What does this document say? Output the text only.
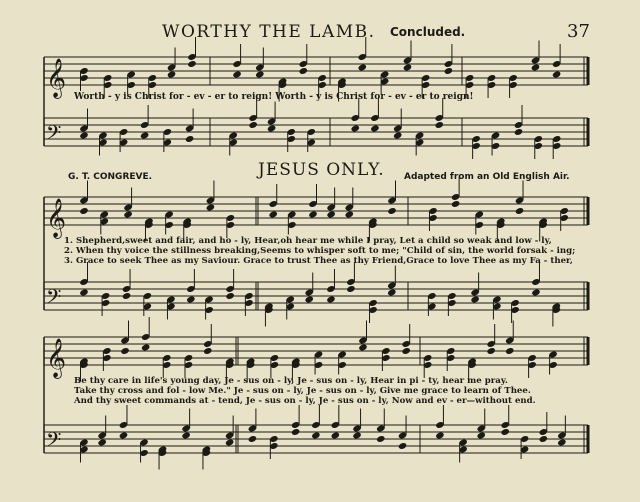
𝄞
𝄢
𝄞
𝄢
𝄞
𝄢
WORTHY THE LAMB. Concluded.	37
Worth - y is Christ for - ev - er to reign! Worth - y is Christ for - ev - er to reign!
JESUS ONLY.
G. T. CONGREVE.	Adapted from an Old English Air.
1. Shepherd,sweet and fair, and ho - ly, Hear,oh hear me while I pray, Let a child so weak and low - ly,
2. When thy voice the stillness breaking,Seems to whisper soft to me; "Child of sin, the world forsak - ing;
3. Grace to seek Thee as my Saviour. Grace to trust Thee as thy Friend,Grace to love Thee as my Fa - ther,
Be thy care in life's young day, Je - sus on - ly, Je - sus on - ly, Hear in pi - ty, hear me pray.
Take thy cross and fol - low Me." Je - sus on - ly, Je - sus on - ly, Give me grace to learn of Thee.
And thy sweet commands at - tend, Je - sus on - ly, Je - sus on - ly, Now and ev - er—without end.
